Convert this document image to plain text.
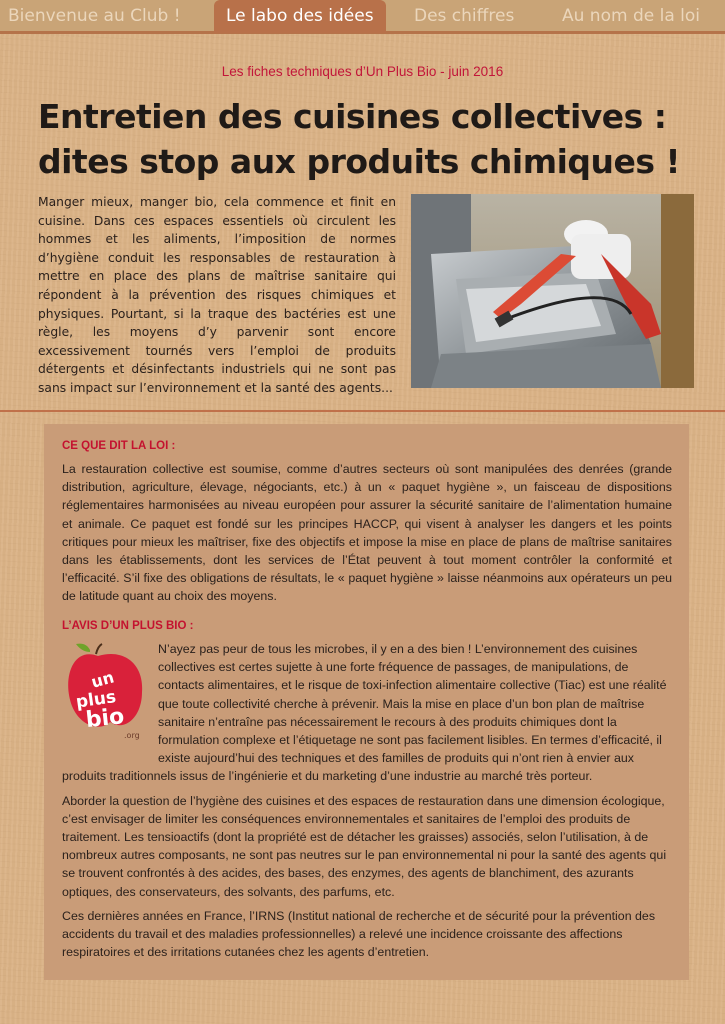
Bienvenue au Club !	Le labo des idées	Des chiffres	Au nom de la loi
Les fiches techniques d’Un Plus Bio - juin 2016
Entretien des cuisines collectives :
dites stop aux produits chimiques !

Manger mieux, manger bio, cela commence et finit en cuisine. Dans ces espaces essentiels où circulent les hommes et les aliments, l’imposition de normes d’hygiène conduit les responsables de restauration à mettre en place des plans de maîtrise sanitaire qui répondent à la prévention des risques chimiques et physiques. Pourtant, si la traque des bactéries est une règle, les moyens d’y parvenir sont encore excessivement tournés vers l’emploi de produits détergents et désinfectants industriels qui ne sont pas sans impact sur l’environnement et la santé des agents...

CE QUE DIT LA LOI :

La restauration collective est soumise, comme d’autres secteurs où sont manipulées des denrées (grande distribution, agriculture, élevage, négociants, etc.) à un « paquet hygiène », un faisceau de dispositions réglementaires harmonisées au niveau européen pour assurer la sécurité sanitaire de l’alimentation humaine et animale. Ce paquet est fondé sur les principes HACCP, qui visent à analyser les dangers et les points critiques pour mieux les maîtriser, fixe des objectifs et impose la mise en place de plans de maîtrise sanitaires dans les établissements, dont les services de l’État peuvent à tout moment contrôler la conformité et l’efficacité. S’il fixe des obligations de résultats, le « paquet hygiène » laisse néanmoins aux opérateurs un peu de latitude quant au choix des moyens.

L’AVIS D’UN PLUS BIO :
un
plus
bio
.org

N’ayez pas peur de tous les microbes, il y en a des bien ! L’environnement des cuisines collectives est certes sujette à une forte fréquence de passages, de manipulations, de contacts alimentaires, et le risque de toxi-infection alimentaire collective (Tiac) est une réalité que toute collectivité cherche à prévenir. Mais la mise en place d’un bon plan de maîtrise sanitaire n’entraîne pas nécessairement le recours à des produits chimiques dont la formulation complexe et l’étiquetage ne sont pas facilement lisibles. En termes d’efficacité, il existe aujourd’hui des techniques et des familles de produits qui n’ont rien à envier aux produits traditionnels issus de l’ingénierie et du marketing d’une industrie au marché très porteur.

Aborder la question de l’hygiène des cuisines et des espaces de restauration dans une dimension écologique, c’est envisager de limiter les conséquences environnementales et sanitaires de l’emploi des produits de traitement. Les tensioactifs (dont la propriété est de détacher les graisses) associés, selon l’utilisation, à de nombreux autres composants, ne sont pas neutres sur le pan environnemental ni pour la santé des agents qui se trouvent confrontés à des acides, des bases, des enzymes, des agents de blanchiment, des azurants optiques, des conservateurs, des solvants, des parfums, etc.

Ces dernières années en France, l’IRNS (Institut national de recherche et de sécurité pour la prévention des accidents du travail et des maladies professionnelles) a relevé une incidence croissante des affections respiratoires et des irritations cutanées chez les agents d’entretien.
